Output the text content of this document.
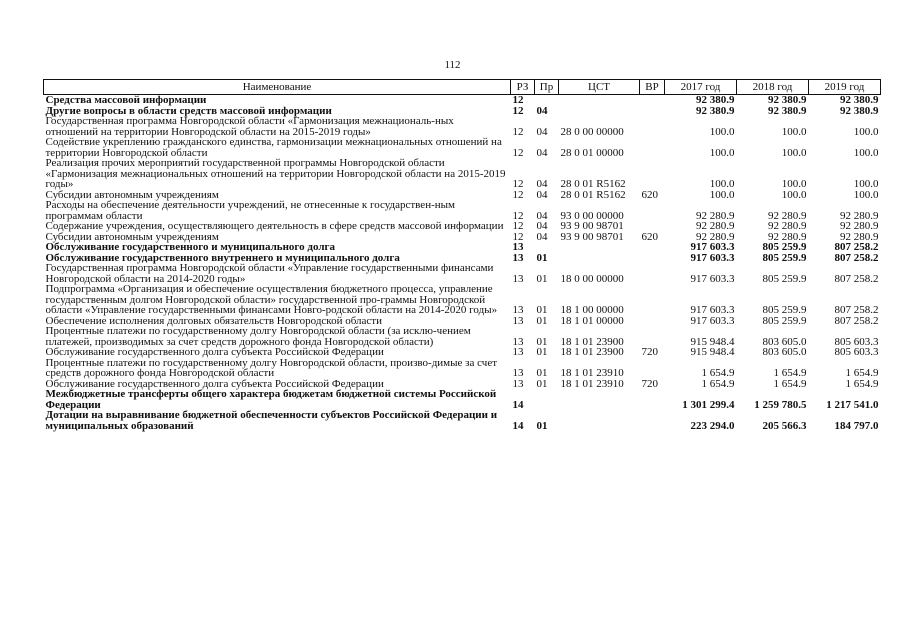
112
Наименование	РЗ	Пр	ЦСТ	ВР	2017 год	2018 год	2019 год
Средства массовой информации	12				92 380.9	92 380.9	92 380.9
Другие вопросы в области средств массовой информации	12	04			92 380.9	92 380.9	92 380.9
Государственная программа Новгородской области «Гармонизация межнациональ-ных отношений на территории Новгородской области на 2015-2019 годы»	12	04	28 0 00 00000		100.0	100.0	100.0
Содействие укреплению гражданского единства, гармонизации межнациональных отношений на территории Новгородской области	12	04	28 0 01 00000		100.0	100.0	100.0
Реализация прочих мероприятий государственной программы Новгородской области «Гармонизация межнациональных отношений на территории Новгородской области на 2015-2019 годы»	12	04	28 0 01 R5162		100.0	100.0	100.0
Субсидии автономным учреждениям	12	04	28 0 01 R5162	620	100.0	100.0	100.0
Расходы на обеспечение деятельности учреждений, не отнесенные к государствен-ным программам области	12	04	93 0 00 00000		92 280.9	92 280.9	92 280.9
Содержание учреждения, осуществляющего деятельность в сфере средств массовой информации	12	04	93 9 00 98701		92 280.9	92 280.9	92 280.9
Субсидии автономным учреждениям	12	04	93 9 00 98701	620	92 280.9	92 280.9	92 280.9
Обслуживание государственного и муниципального долга	13				917 603.3	805 259.9	807 258.2
Обслуживание государственного внутреннего и муниципального долга	13	01			917 603.3	805 259.9	807 258.2
Государственная программа Новгородской области «Управление государственными финансами Новгородской области на 2014-2020 годы»	13	01	18 0 00 00000		917 603.3	805 259.9	807 258.2
Подпрограмма «Организация и обеспечение осуществления бюджетного процесса, управление государственным долгом Новгородской области» государственной про-граммы Новгородской области «Управление государственными финансами Новго-родской области на 2014-2020 годы»	13	01	18 1 00 00000		917 603.3	805 259.9	807 258.2
Обеспечение исполнения долговых обязательств Новгородской области	13	01	18 1 01 00000		917 603.3	805 259.9	807 258.2
Процентные платежи по государственному долгу Новгородской области (за исклю-чением платежей, производимых за счет средств дорожного фонда Новгородской области)	13	01	18 1 01 23900		915 948.4	803 605.0	805 603.3
Обслуживание государственного долга субъекта Российской Федерации	13	01	18 1 01 23900	720	915 948.4	803 605.0	805 603.3
Процентные платежи по государственному долгу Новгородской области, произво-димые за счет средств дорожного фонда Новгородской области	13	01	18 1 01 23910		1 654.9	1 654.9	1 654.9
Обслуживание государственного долга субъекта Российской Федерации	13	01	18 1 01 23910	720	1 654.9	1 654.9	1 654.9
Межбюджетные трансферты общего характера бюджетам бюджетной системы Российской Федерации	14				1 301 299.4	1 259 780.5	1 217 541.0
Дотации на выравнивание бюджетной обеспеченности субъектов Российской Федерации и муниципальных образований	14	01			223 294.0	205 566.3	184 797.0
